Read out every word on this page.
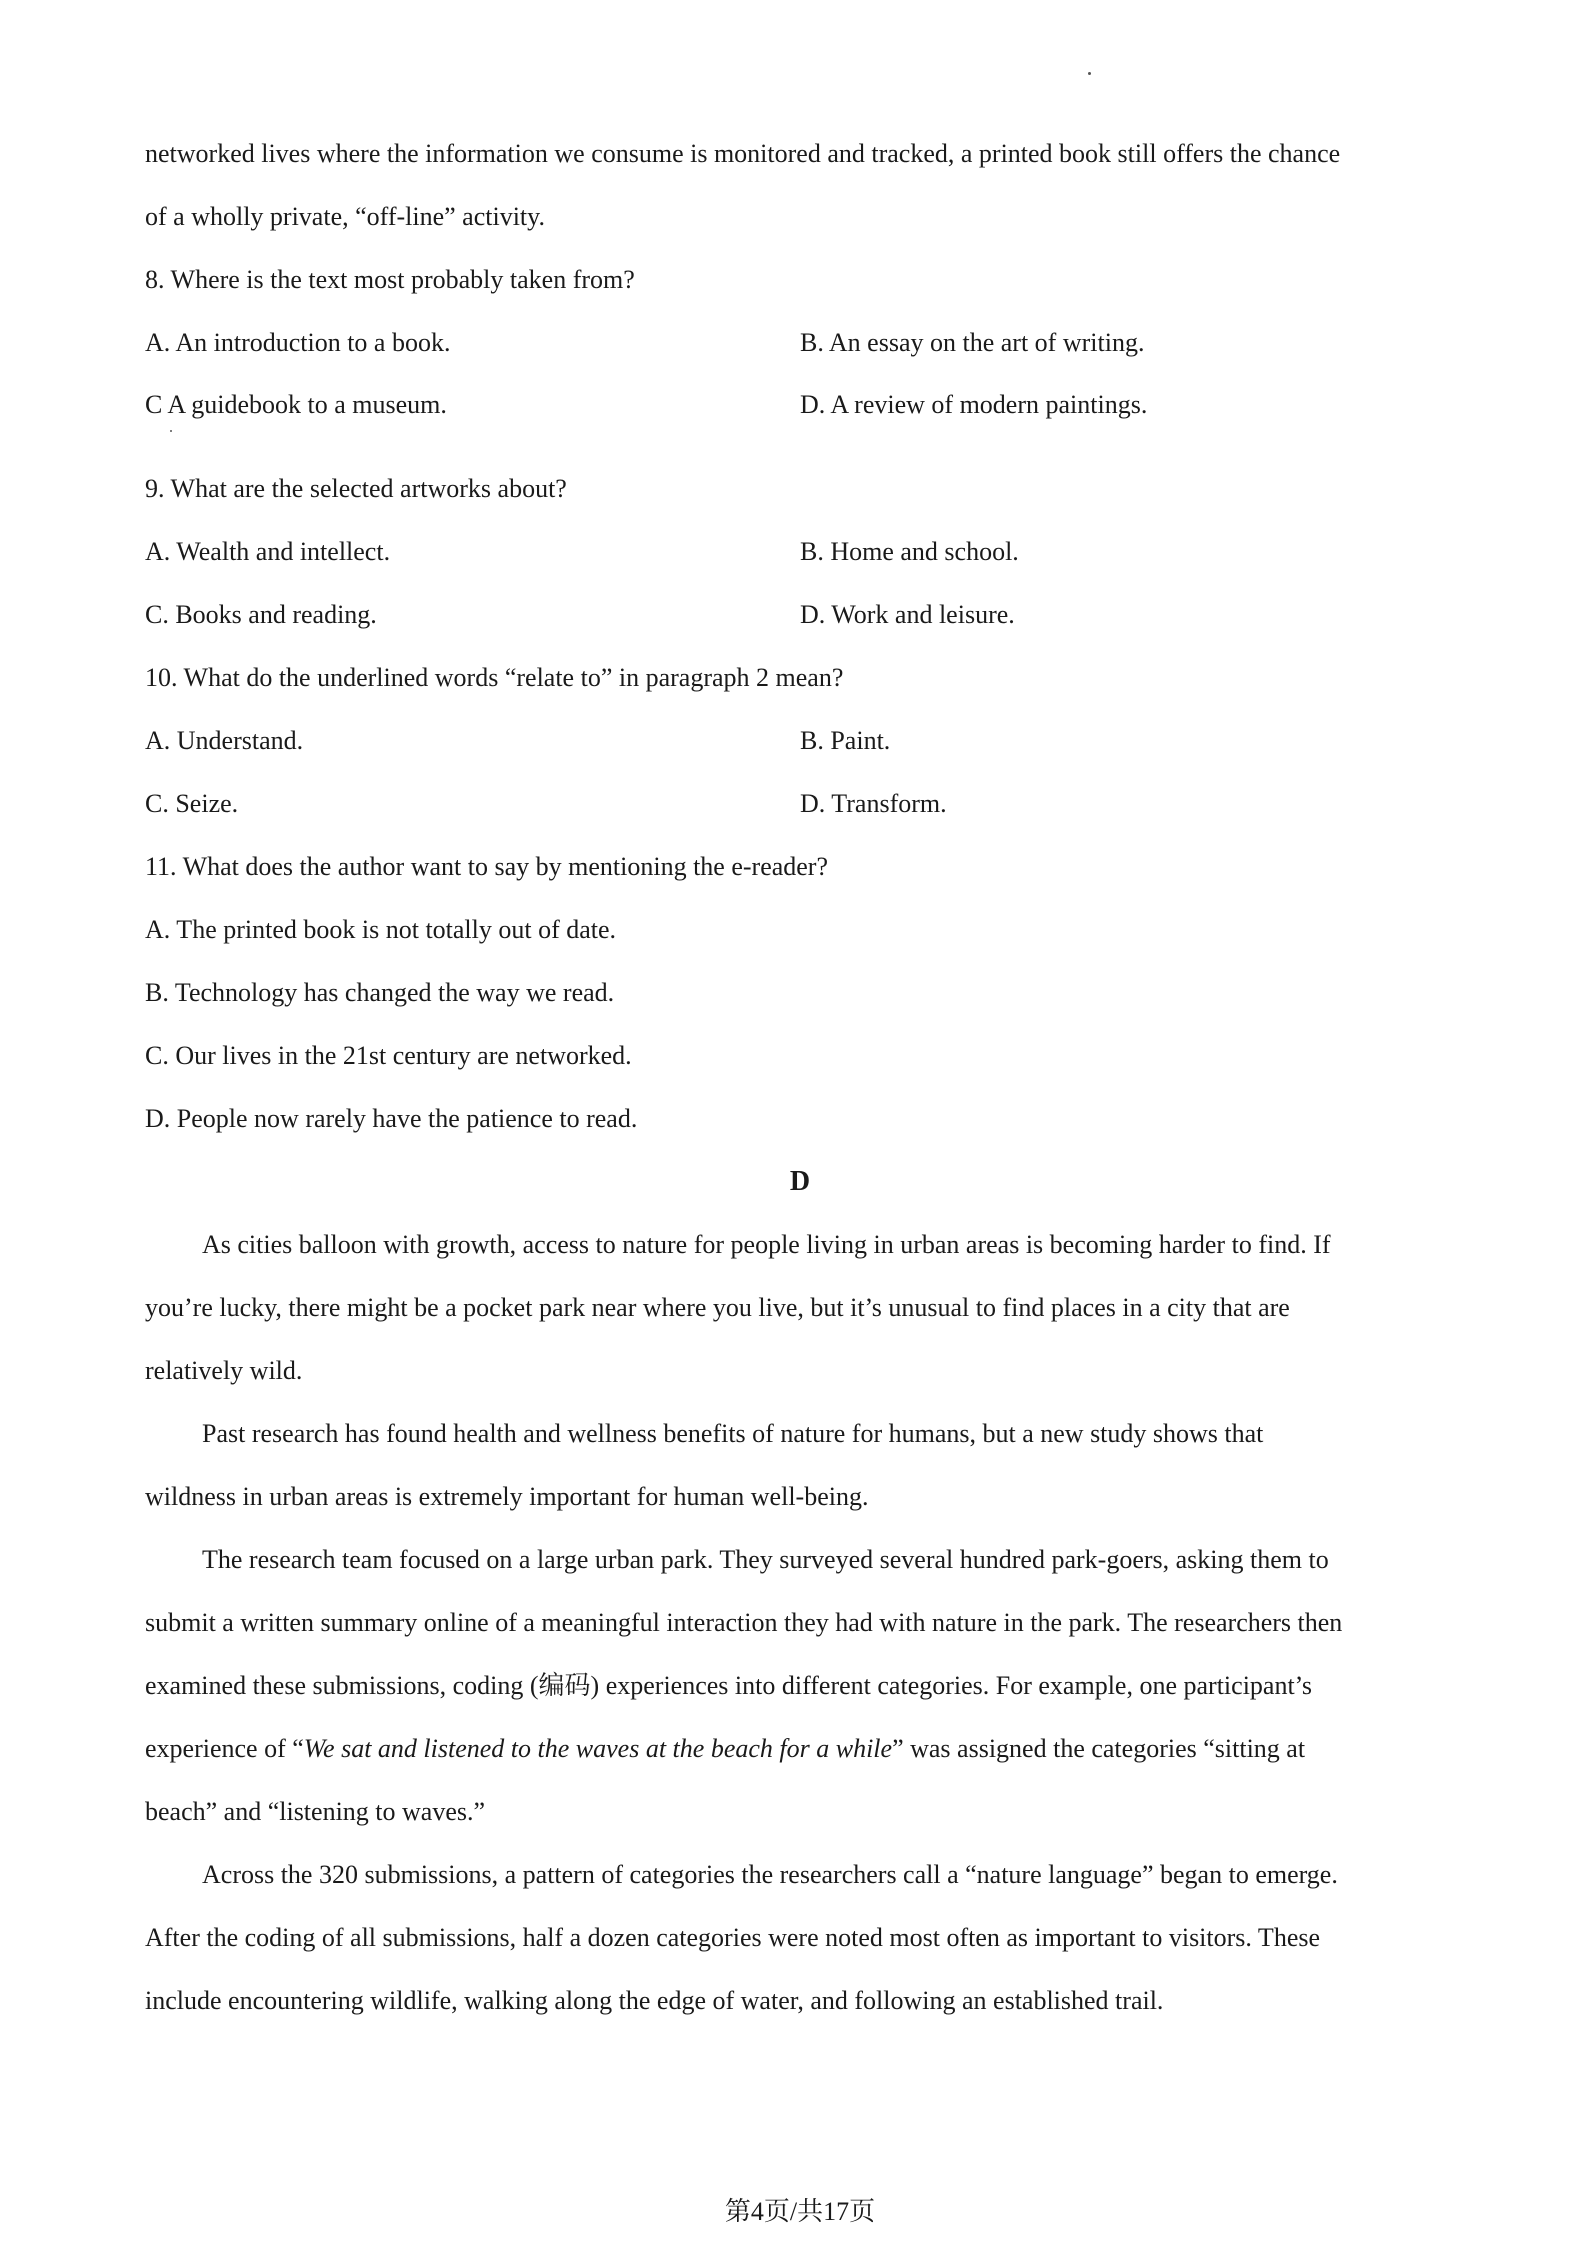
networked lives where the information we consume is monitored and tracked, a printed book still offers the chance
of a wholly private, “off-line” activity.
8. Where is the text most probably taken from?
A. An introduction to a book.	B. An essay on the art of writing.
C A guidebook to a museum.	D. A review of modern paintings.
9. What are the selected artworks about?
A. Wealth and intellect.	B. Home and school.
C. Books and reading.	D. Work and leisure.
10. What do the underlined words “relate to” in paragraph 2 mean?
A. Understand.	B. Paint.
C. Seize.	D. Transform.
11. What does the author want to say by mentioning the e-reader?
A. The printed book is not totally out of date.
B. Technology has changed the way we read.
C. Our lives in the 21st century are networked.
D. People now rarely have the patience to read.
D
As cities balloon with growth, access to nature for people living in urban areas is becoming harder to find. If
you’re lucky, there might be a pocket park near where you live, but it’s unusual to find places in a city that are
relatively wild.
Past research has found health and wellness benefits of nature for humans, but a new study shows that
wildness in urban areas is extremely important for human well-being.
The research team focused on a large urban park. They surveyed several hundred park-goers, asking them to
submit a written summary online of a meaningful interaction they had with nature in the park. The researchers then
examined these submissions, coding (编码) experiences into different categories. For example, one participant’s
experience of “We sat and listened to the waves at the beach for a while” was assigned the categories “sitting at
beach” and “listening to waves.”
Across the 320 submissions, a pattern of categories the researchers call a “nature language” began to emerge.
After the coding of all submissions, half a dozen categories were noted most often as important to visitors. These
include encountering wildlife, walking along the edge of water, and following an established trail.
第4页/共17页
